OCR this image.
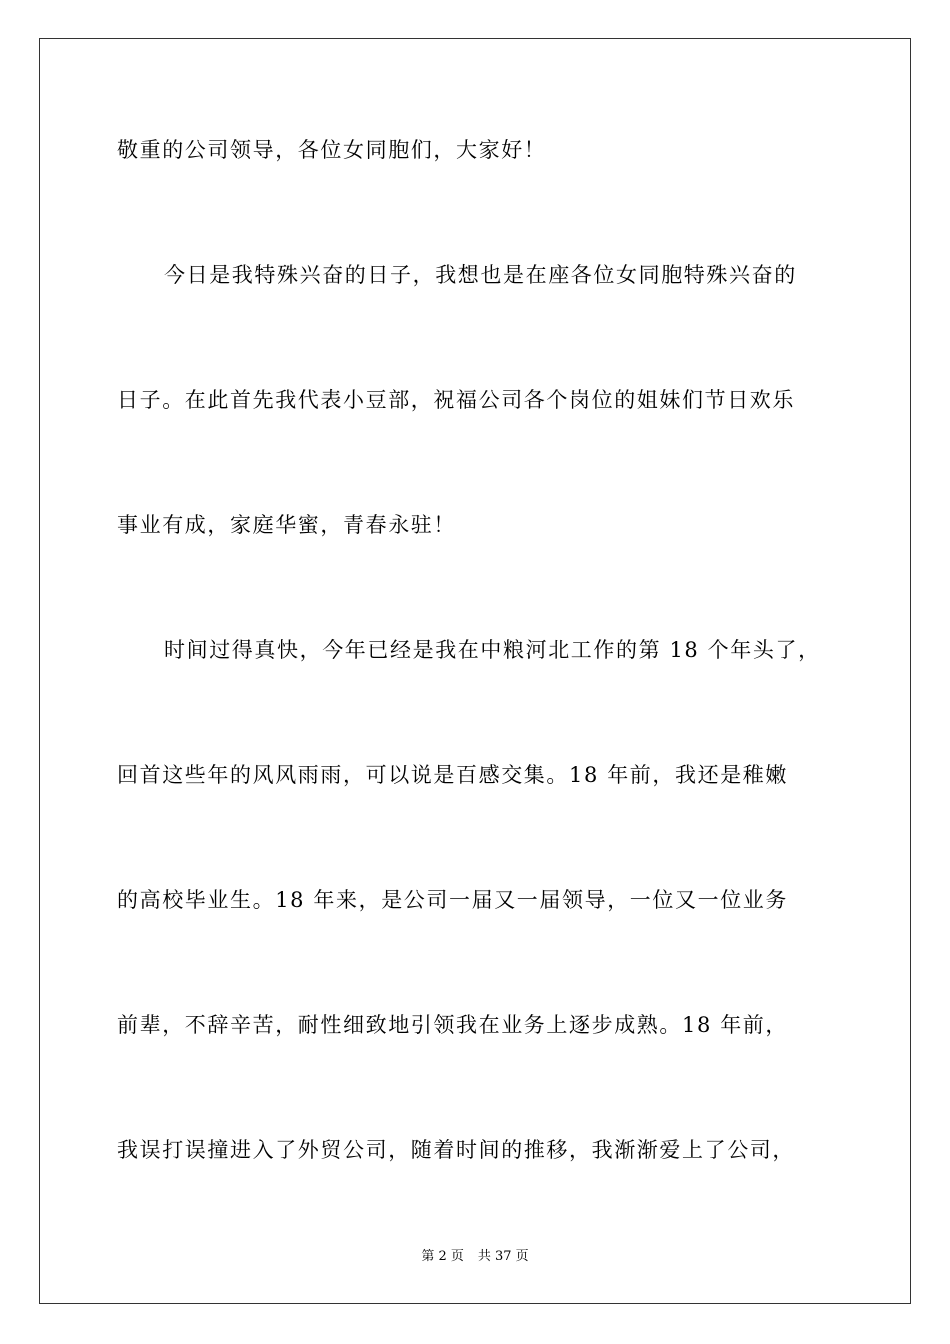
敬重的公司领导，各位女同胞们，大家好！

今日是我特殊兴奋的日子，我想也是在座各位女同胞特殊兴奋的

日子。在此首先我代表小豆部，祝福公司各个岗位的姐妹们节日欢乐

事业有成，家庭华蜜，青春永驻！

时间过得真快，今年已经是我在中粮河北工作的第 18 个年头了，

回首这些年的风风雨雨，可以说是百感交集。18 年前，我还是稚嫩

的高校毕业生。18 年来，是公司一届又一届领导，一位又一位业务

前辈，不辞辛苦，耐性细致地引领我在业务上逐步成熟。18 年前，

我误打误撞进入了外贸公司，随着时间的推移，我渐渐爱上了公司，

第 2 页 共 37 页
